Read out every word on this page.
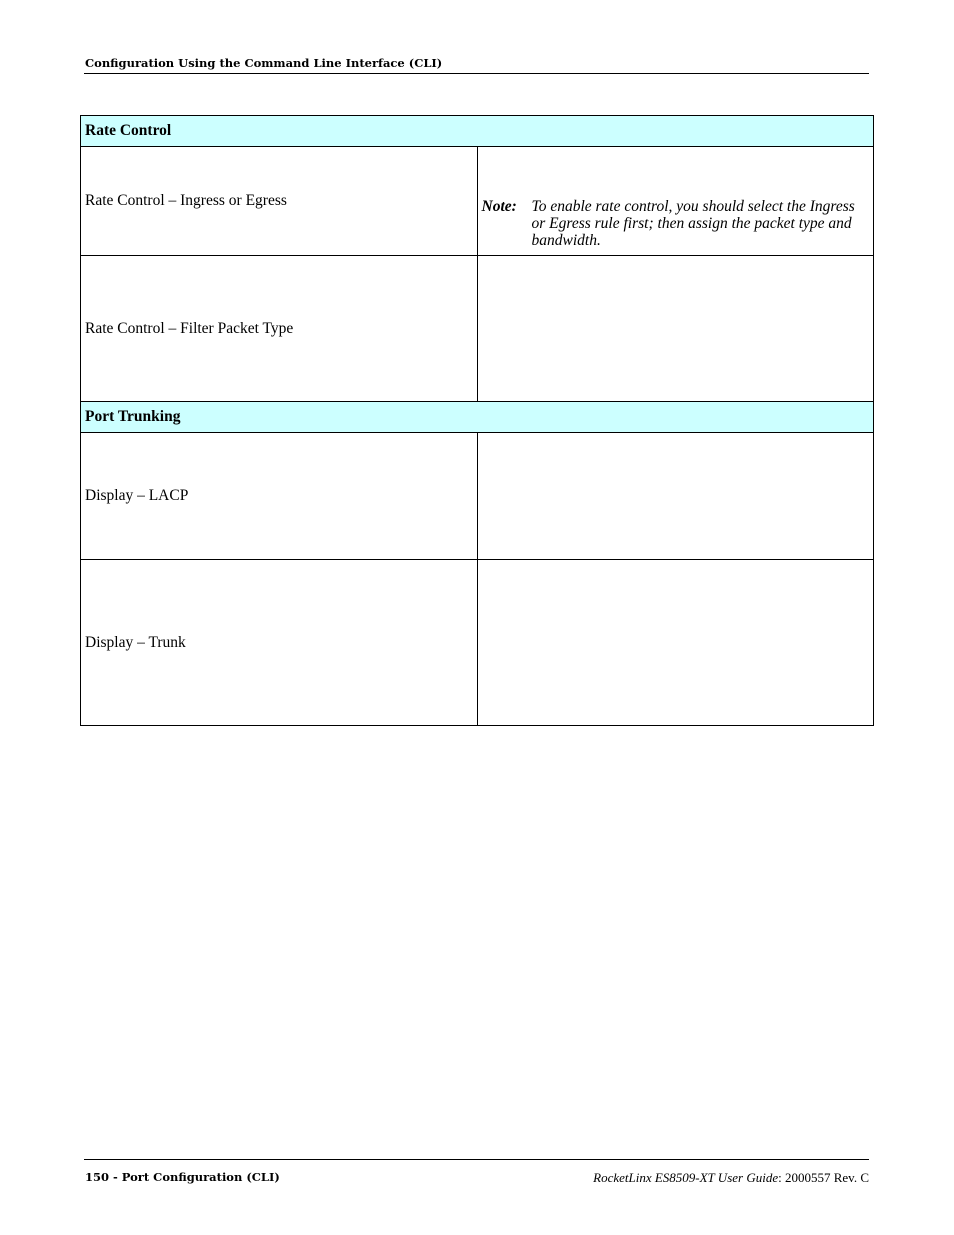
Configuration Using the Command Line Interface (CLI)
Rate Control	
Rate Control – Ingress or Egress	Note: To enable rate control, you should select the Ingress or Egress rule first; then assign the packet type and bandwidth.

Rate Control – Filter Packet Type	
Port Trunking	
Display – LACP	
Display – Trunk	
150 - Port Configuration (CLI)	RocketLinx ES8509-XT User Guide: 2000557 Rev. C
